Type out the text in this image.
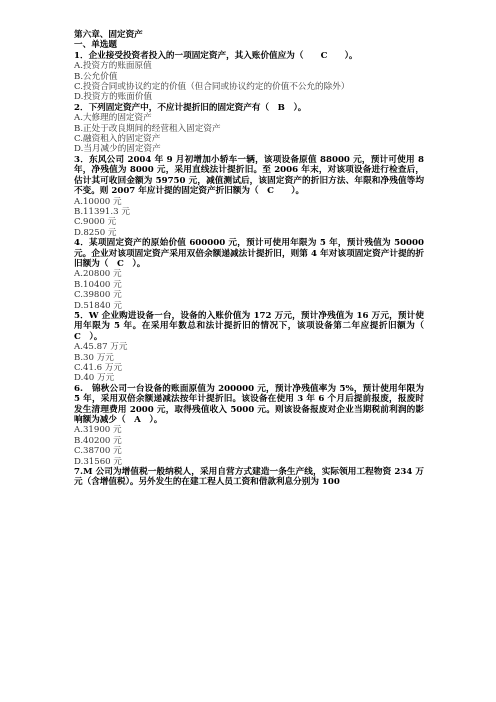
第六章、固定资产
一、单选题
1．企业接受投资者投入的一项固定资产，其入账价值应为（　　C　　）。
A.投资方的账面原值
B.公允价值
C.投资合同或协议约定的价值（但合同或协议约定的价值不公允的除外）
D.投资方的账面价值
2．下列固定资产中，不应计提折旧的固定资产有（　B　）。
A.大修理的固定资产
B.正处于改良期间的经营租入固定资产
C.融资租入的固定资产
D.当月减少的固定资产
3．东风公司 2004 年 9 月初增加小轿车一辆，该项设备原值 88000 元，预计可使用 8 年，净残值为 8000 元，采用直线法计提折旧。至 2006 年末，对该项设备进行检查后，估计其可收回金额为 59750 元，减值测试后，该固定资产的折旧方法、年限和净残值等均不变。则 2007 年应计提的固定资产折旧额为（　C　　）。
A.10000 元
B.11391.3 元
C.9000 元
D.8250 元
4．某项固定资产的原始价值 600000 元，预计可使用年限为 5 年，预计残值为 50000 元。企业对该项固定资产采用双倍余额递减法计提折旧，则第 4 年对该项固定资产计提的折旧额为（　C　）。
A.20800 元
B.10400 元
C.39800 元
D.51840 元
5．W 企业购进设备一台，设备的入账价值为 172 万元，预计净残值为 16 万元，预计使用年限为 5 年。在采用年数总和法计提折旧的情况下，该项设备第二年应提折旧额为（　C　）。
A.45.87 万元
B.30 万元
C.41.6 万元
D.40 万元
6.　锦秋公司一台设备的账面原值为 200000 元，预计净残值率为 5%，预计使用年限为 5 年，采用双倍余额递减法按年计提折旧。该设备在使用 3 年 6 个月后提前报废，报废时发生清理费用 2000 元，取得残值收入 5000 元。则该设备报废对企业当期税前利润的影响额为减少（　A　）。
A.31900 元
B.40200 元
C.38700 元
D.31560 元
7.M 公司为增值税一般纳税人，采用自营方式建造一条生产线，实际领用工程物资 234 万元（含增值税）。另外发生的在建工程人员工资和借款利息分别为 100
